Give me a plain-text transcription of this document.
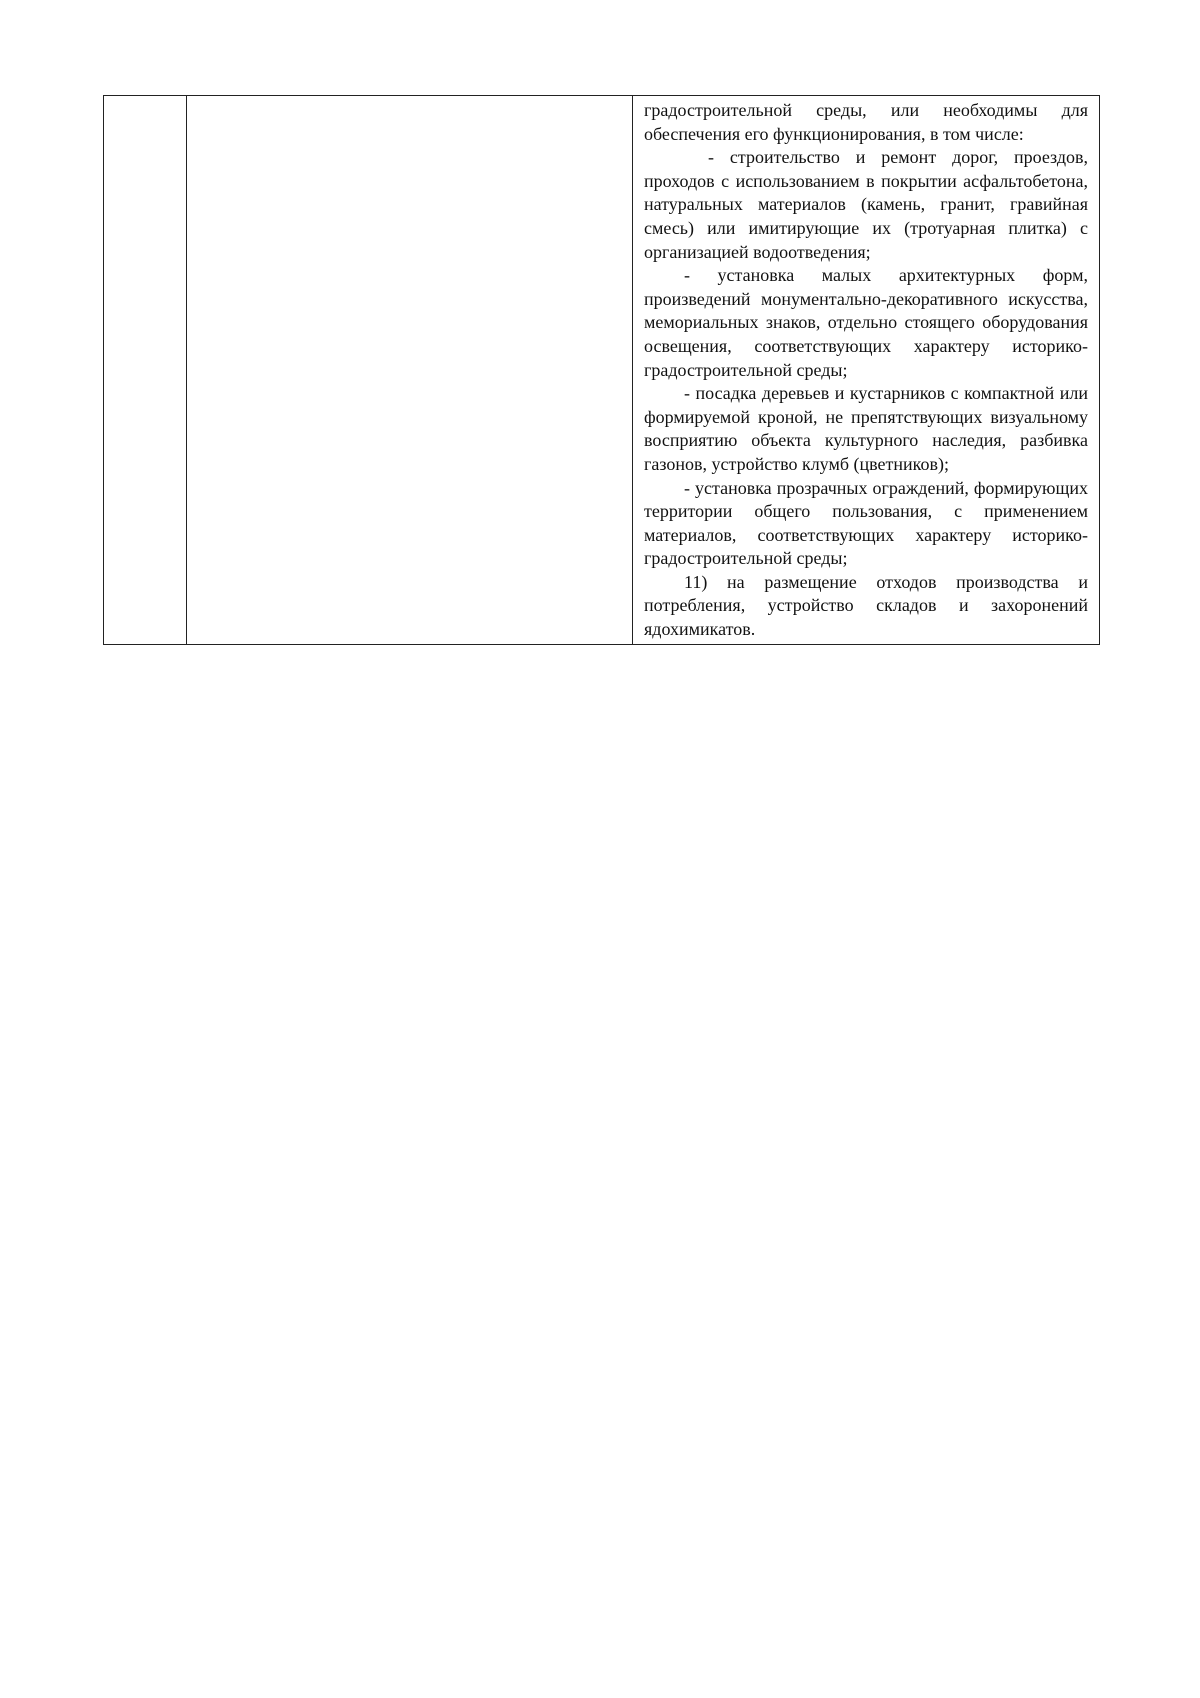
градостроительной среды, или необходимы для обеспечения его функционирования, в том числе:

- строительство и ремонт дорог, проездов, проходов с использованием в покрытии асфальтобетона, натуральных материалов (камень, гранит, гравийная смесь) или имитирующие их (тротуарная плитка) с организацией водоотведения;

- установка малых архитектурных форм, произведений монументально-декоративного искусства, мемориальных знаков, отдельно стоящего оборудования освещения, соответствующих характеру историко-градостроительной среды;

- посадка деревьев и кустарников с компактной или формируемой кроной, не препятствующих визуальному восприятию объекта культурного наследия, разбивка газонов, устройство клумб (цветников);

- установка прозрачных ограждений, формирующих территории общего пользования, с применением материалов, соответствующих характеру историко-градостроительной среды;

11) на размещение отходов производства и потребления, устройство складов и захоронений ядохимикатов.
